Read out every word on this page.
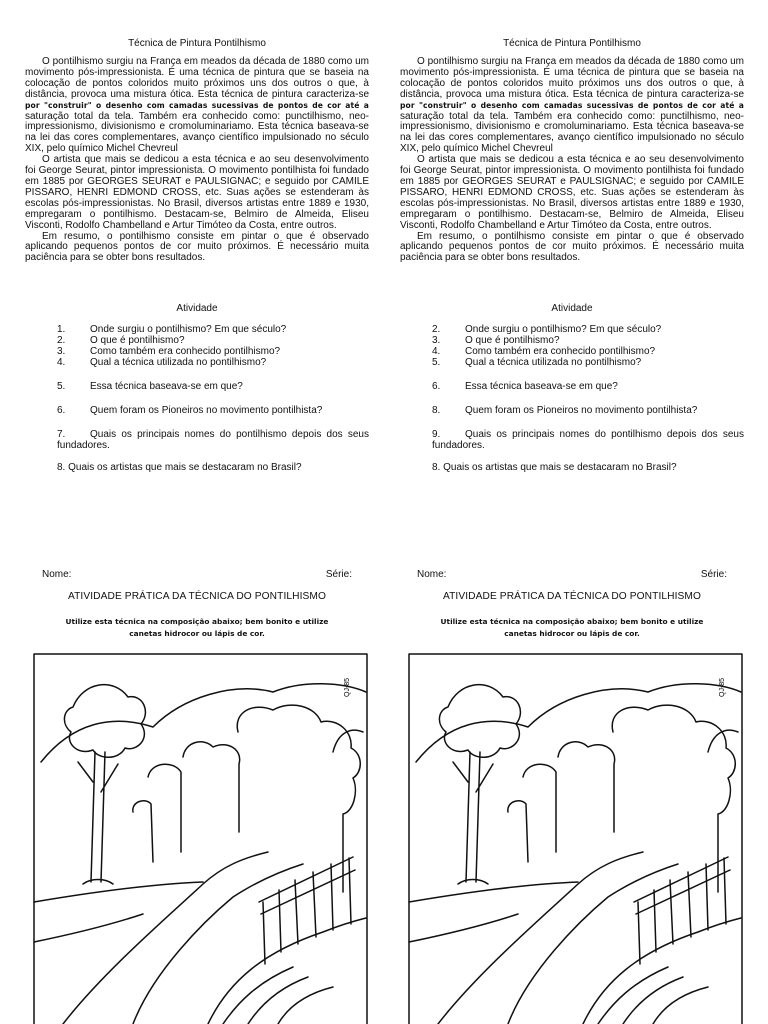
Técnica de Pintura Pontilhismo

O pontilhismo surgiu na França em meados da década de 1880 como um movimento pós-impressionista. É uma técnica de pintura que se baseia na colocação de pontos coloridos muito próximos uns dos outros o que, à distância, provoca uma mistura ótica. Esta técnica de pintura caracteriza-se por "construir" o desenho com camadas sucessivas de pontos de cor até a saturação total da tela. Também era conhecido como: punctilhismo, neo-impressionismo, divisionismo e cromoluminariamo. Esta técnica baseava-se na lei das cores complementares, avanço científico impulsionado no século XIX, pelo químico Michel Chevreul

O artista que mais se dedicou a esta técnica e ao seu desenvolvimento foi George Seurat, pintor impressionista. O movimento pontilhista foi fundado em 1885 por GEORGES SEURAT e PAULSIGNAC; e seguido por CAMILE PISSARO, HENRI EDMOND CROSS, etc. Suas ações se estenderam às escolas pós-impressionistas. No Brasil, diversos artistas entre 1889 e 1930, empregaram o pontilhismo. Destacam-se, Belmiro de Almeida, Eliseu Visconti, Rodolfo Chambelland e Artur Timóteo da Costa, entre outros.

Em resumo, o pontilhismo consiste em pintar o que é observado aplicando pequenos pontos de cor muito próximos. É necessário muita paciência para se obter bons resultados.

Atividade
1. Onde surgiu o pontilhismo? Em que século?
2. O que é pontilhismo?
3. Como também era conhecido pontilhismo?
4. Qual a técnica utilizada no pontilhismo?
5. Essa técnica baseava-se em que?
6. Quem foram os Pioneiros no movimento pontilhista?
7. Quais os principais nomes do pontilhismo depois dos seus fundadores.
8. Quais os artistas que mais se destacaram no Brasil?
Nome:	Série:
ATIVIDADE PRÁTICA DA TÉCNICA DO PONTILHISMO
Utilize esta técnica na composição abaixo; bem bonito e utilize canetas hidrocor ou lápis de cor.
QJ-85
Técnica de Pintura Pontilhismo

O pontilhismo surgiu na França em meados da década de 1880 como um movimento pós-impressionista. É uma técnica de pintura que se baseia na colocação de pontos coloridos muito próximos uns dos outros o que, à distância, provoca uma mistura ótica. Esta técnica de pintura caracteriza-se por "construir" o desenho com camadas sucessivas de pontos de cor até a saturação total da tela. Também era conhecido como: punctilhismo, neo-impressionismo, divisionismo e cromoluminariamo. Esta técnica baseava-se na lei das cores complementares, avanço científico impulsionado no século XIX, pelo químico Michel Chevreul

O artista que mais se dedicou a esta técnica e ao seu desenvolvimento foi George Seurat, pintor impressionista. O movimento pontilhista foi fundado em 1885 por GEORGES SEURAT e PAULSIGNAC; e seguido por CAMILE PISSARO, HENRI EDMOND CROSS, etc. Suas ações se estenderam às escolas pós-impressionistas. No Brasil, diversos artistas entre 1889 e 1930, empregaram o pontilhismo. Destacam-se, Belmiro de Almeida, Eliseu Visconti, Rodolfo Chambelland e Artur Timóteo da Costa, entre outros.

Em resumo, o pontilhismo consiste em pintar o que é observado aplicando pequenos pontos de cor muito próximos. É necessário muita paciência para se obter bons resultados.

Atividade
2. Onde surgiu o pontilhismo? Em que século?
3. O que é pontilhismo?
4. Como também era conhecido pontilhismo?
5. Qual a técnica utilizada no pontilhismo?
6. Essa técnica baseava-se em que?
8. Quem foram os Pioneiros no movimento pontilhista?
9. Quais os principais nomes do pontilhismo depois dos seus fundadores.
8. Quais os artistas que mais se destacaram no Brasil?
Nome:	Série:
ATIVIDADE PRÁTICA DA TÉCNICA DO PONTILHISMO
Utilize esta técnica na composição abaixo; bem bonito e utilize canetas hidrocor ou lápis de cor.
QJ-85
